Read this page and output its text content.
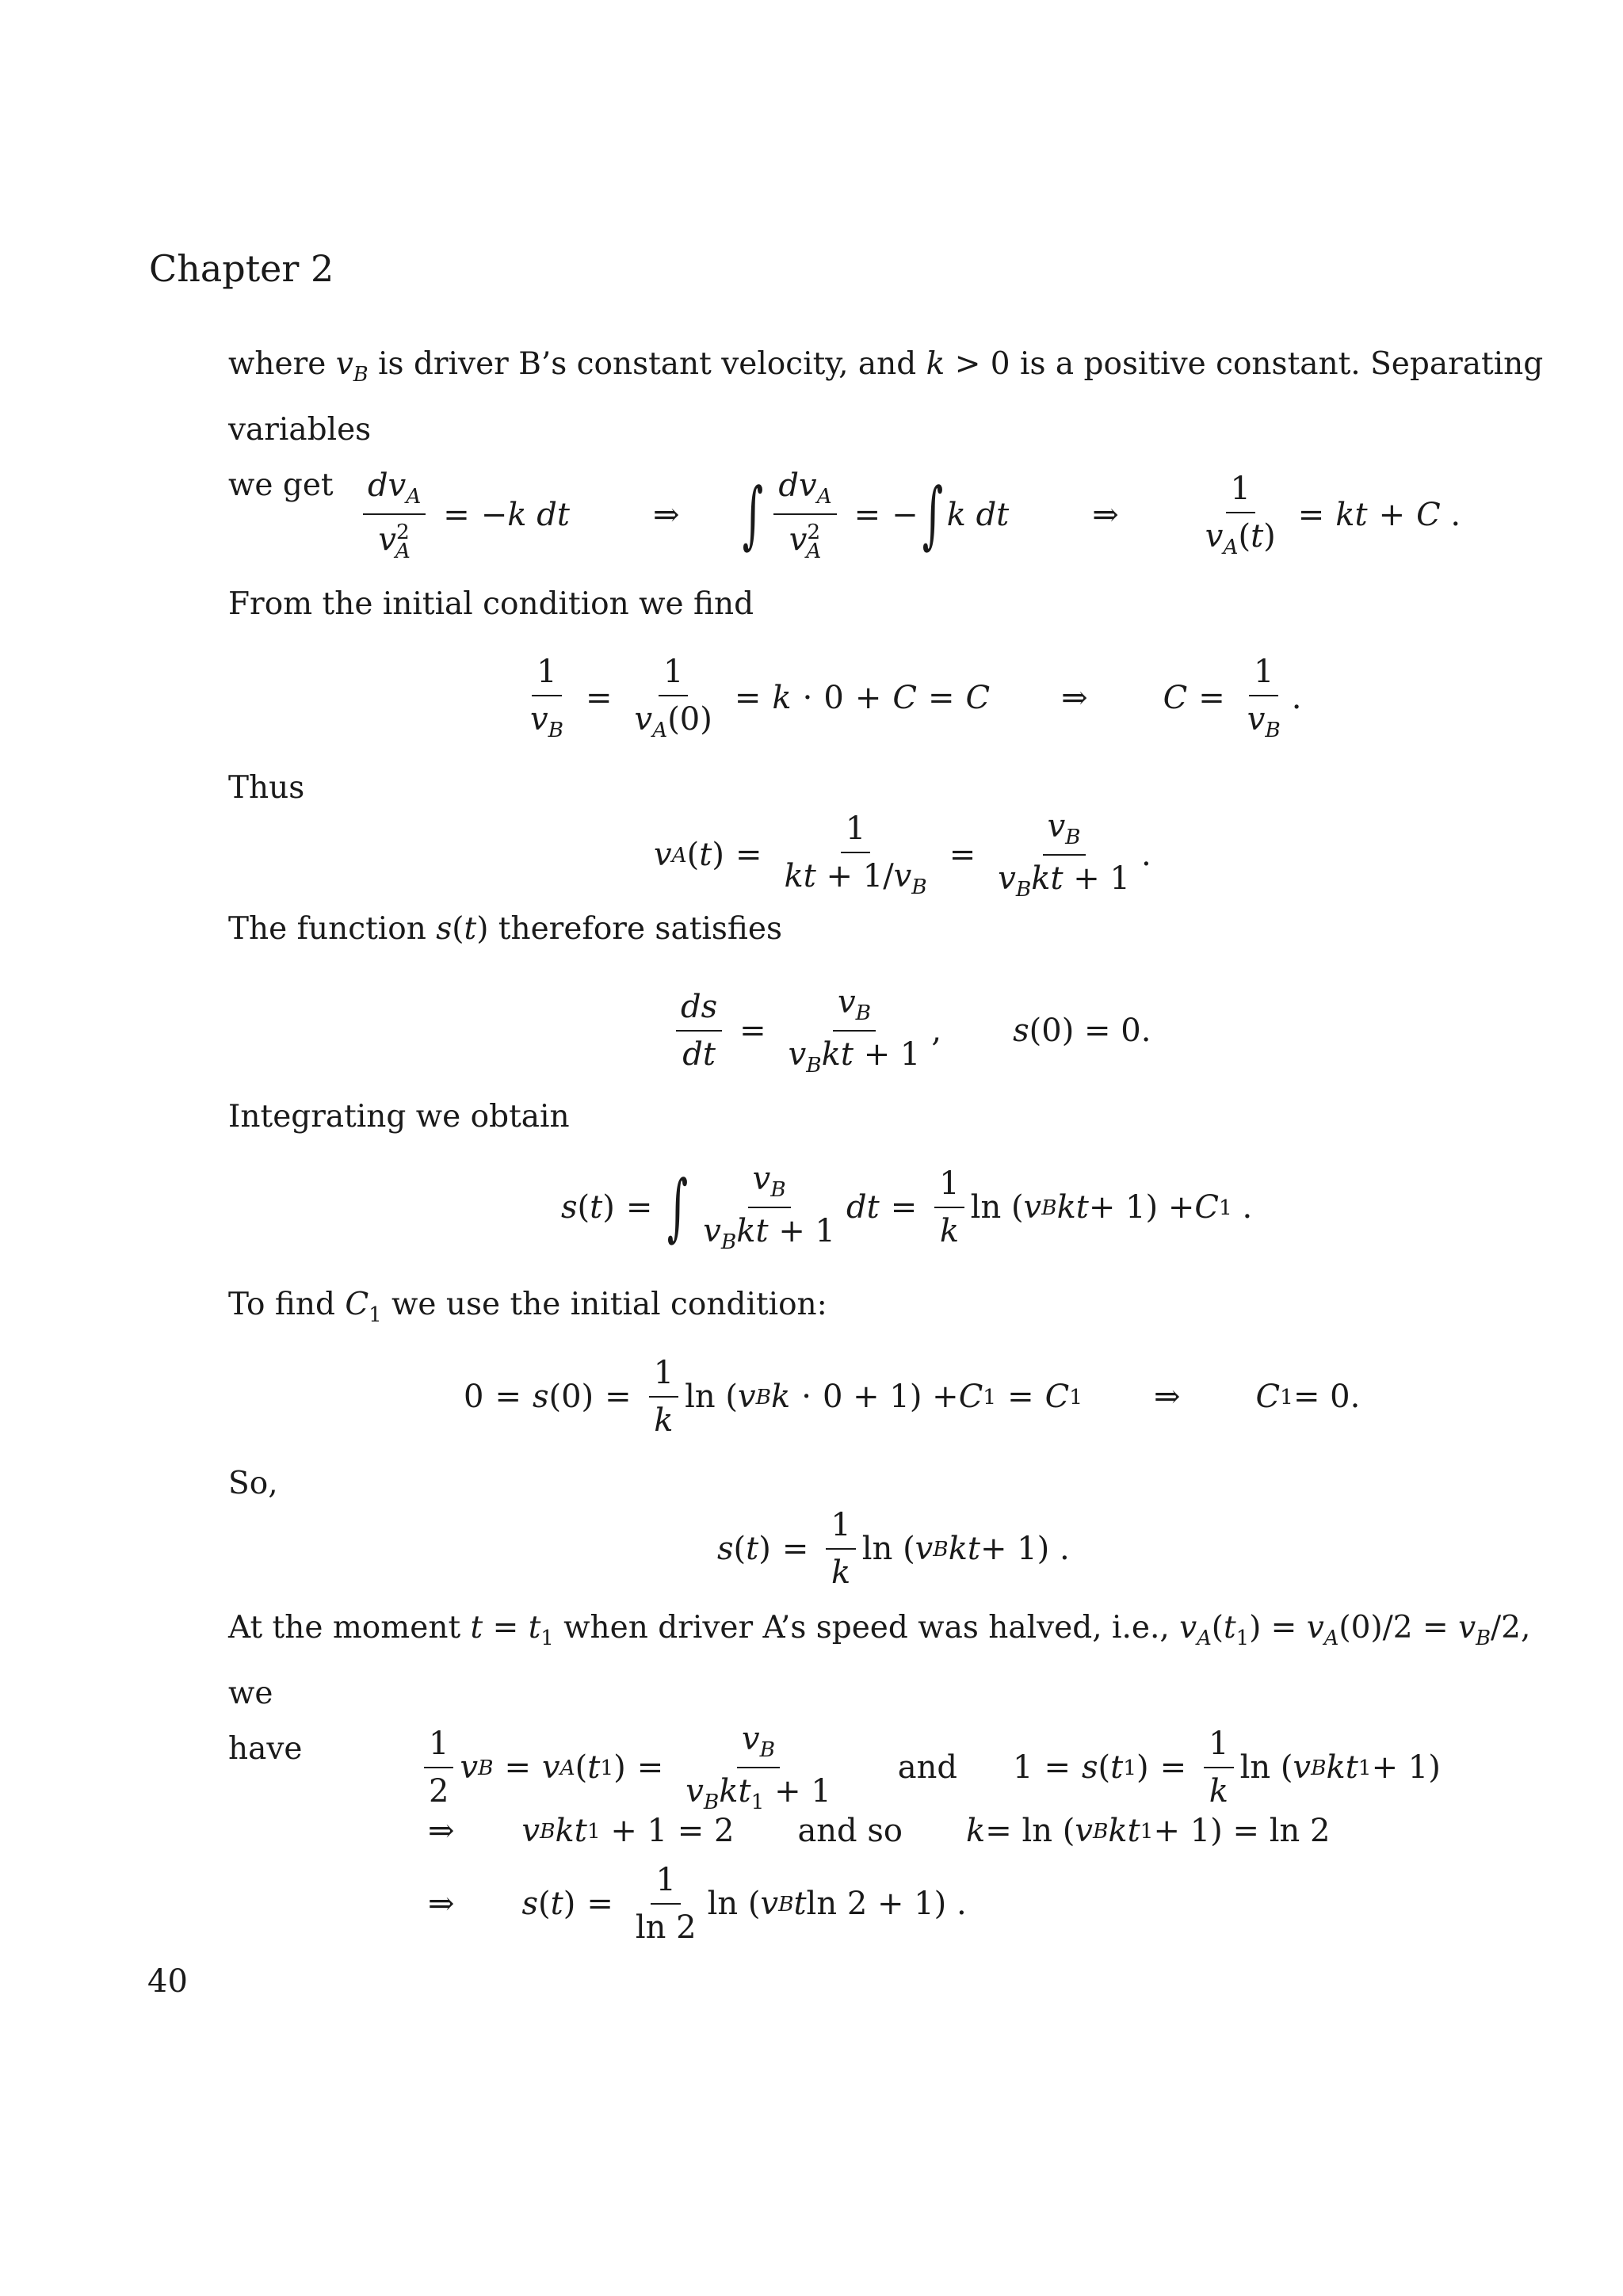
Chapter 2
where $v_B$ is driver B’s constant velocity, and k > 0 is a positive constant. Separating variables
we get $\frac{dv_A}{v^2_A} = -k$ dt	⇒ ∫ $\frac{dv_A}{v^2_A}$ = − ∫ k dt	⇒	$\frac{1}{v_A(t)}$ = kt + C .
From the initial condition we find
$\frac{1}{v_B} = \frac{1}{v_A(0)} = k \cdot 0 + C = C$ ⇒ $C = \frac{1}{v_B}$ .
Thus
v A ( t ) = $\frac{1}{kt + 1/v_B} = \frac{v_B}{v_Bkt + 1}$ .
The function s(t) therefore satisfies
$\frac{ds}{dt} = \frac{v_B}{v_Bkt + 1}$ , s (0) = 0.
Integrating we obtain
s ( t ) = ∫ $\frac{v_B}{v_Bkt + 1}$ dt = $\frac{1}{k}$ ln ( v B kt + 1) + C 1 .
To find $C_1$ we use the initial condition:
0 = s $(0) = \frac{1}{k}$ ln ( v B k · 0 + 1) + C 1 = C 1 ⇒ C 1 = 0.
So,
s ( t ) = $\frac{1}{k}$ ln ( v B kt + 1) .
At the moment $t = t_1$ when driver A’s speed was halved, i.e., $v_A(t_1) = v_A(0)/2 = v_B/2$, we
have	$\frac{1}{2}$ v B = v A ( t 1 ) = $\frac{v_B}{v_Bkt_1 + 1}$ and 1 = s ( t 1 ) = $\frac{1}{k}$ ln ( v B kt 1 + 1)
⇒ v B kt 1 + 1 = 2 and so k = ln ( v B kt 1 + 1) = ln 2
⇒ s ( t ) = $\frac{1}{\ln 2}$ ln ( v B t ln 2 + 1) .
40
